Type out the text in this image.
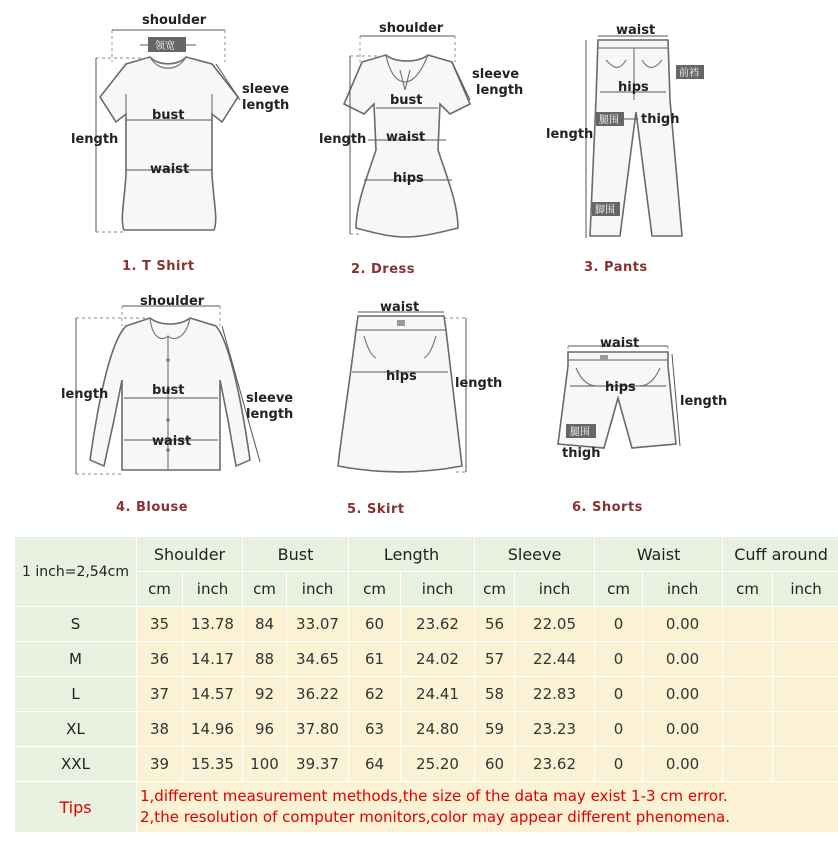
shoulder
领宽
sleeve
length
bust
length
waist
1. T Shirt
shoulder
sleeve
length
bust
length waist
hips
2. Dress
waist
前裆
hips
length
腿围 thigh
脚围
3. Pants
shoulder
length	bust
sleeve
length
waist
4. Blouse
waist
hips	length
5. Skirt
waist
hips
length
腿围
thigh
6. Shorts
1 inch=2,54cm	Shoulder		Bust		Length		Sleeve		Waist		Cuff around	
	cm	inch	cm	inch	cm	inch	cm	inch	cm	inch	cm	inch
S	35	13.78	84	33.07	60	23.62	56	22.05	0	0.00		
M	36	14.17	88	34.65	61	24.02	57	22.44	0	0.00		
L	37	14.57	92	36.22	62	24.41	58	22.83	0	0.00		
XL	38	14.96	96	37.80	63	24.80	59	23.23	0	0.00		
XXL	39	15.35	100	39.37	64	25.20	60	23.62	0	0.00		
Tips	1,different measurement methods,the size of the data may exist 1-3 cm error.
2,the resolution of computer monitors,color may appear different phenomena.											
